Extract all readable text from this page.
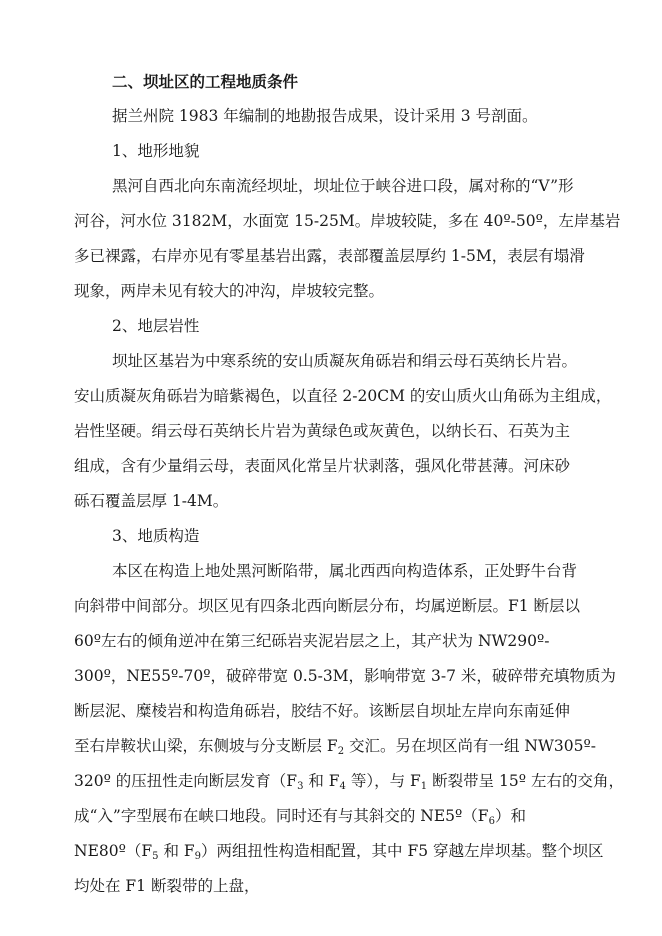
二、坝址区的工程地质条件
据兰州院 1983 年编制的地勘报告成果，设计采用 3 号剖面。
1、地形地貌
黑河自西北向东南流经坝址，坝址位于峡谷进口段，属对称的“V”形
河谷，河水位 3182M，水面宽 15-25M。岸坡较陡，多在 40º-50º，左岸基岩
多已裸露，右岸亦见有零星基岩出露，表部覆盖层厚约 1-5M，表层有塌滑
现象，两岸未见有较大的冲沟，岸坡较完整。
2、地层岩性
坝址区基岩为中寒系统的安山质凝灰角砾岩和绢云母石英纳长片岩。
安山质凝灰角砾岩为暗紫褐色，以直径 2-20CM 的安山质火山角砾为主组成，
岩性坚硬。绢云母石英纳长片岩为黄绿色或灰黄色，以纳长石、石英为主
组成，含有少量绢云母，表面风化常呈片状剥落，强风化带甚薄。河床砂
砾石覆盖层厚 1-4M。
3、地质构造
本区在构造上地处黑河断陷带，属北西西向构造体系，正处野牛台背
向斜带中间部分。坝区见有四条北西向断层分布，均属逆断层。F1 断层以
60º左右的倾角逆冲在第三纪砾岩夹泥岩层之上，其产状为 NW290º-
300º，NE55º-70º，破碎带宽 0.5-3M，影响带宽 3-7 米，破碎带充填物质为
断层泥、糜棱岩和构造角砾岩，胶结不好。该断层自坝址左岸向东南延伸
至右岸鞍状山梁，东侧坡与分支断层 $F_2$ 交汇。另在坝区尚有一组 NW305º-
320º 的压扭性走向断层发育（$F_3$ 和 $F_4$ 等），与 $F_1$ 断裂带呈 15º 左右的交角，
成“入”字型展布在峡口地段。同时还有与其斜交的 $NE5º(F_6)$和
$NE80º(F_5$ 和 $F_9$）两组扭性构造相配置，其中 F5 穿越左岸坝基。整个坝区
均处在 F1 断裂带的上盘，
